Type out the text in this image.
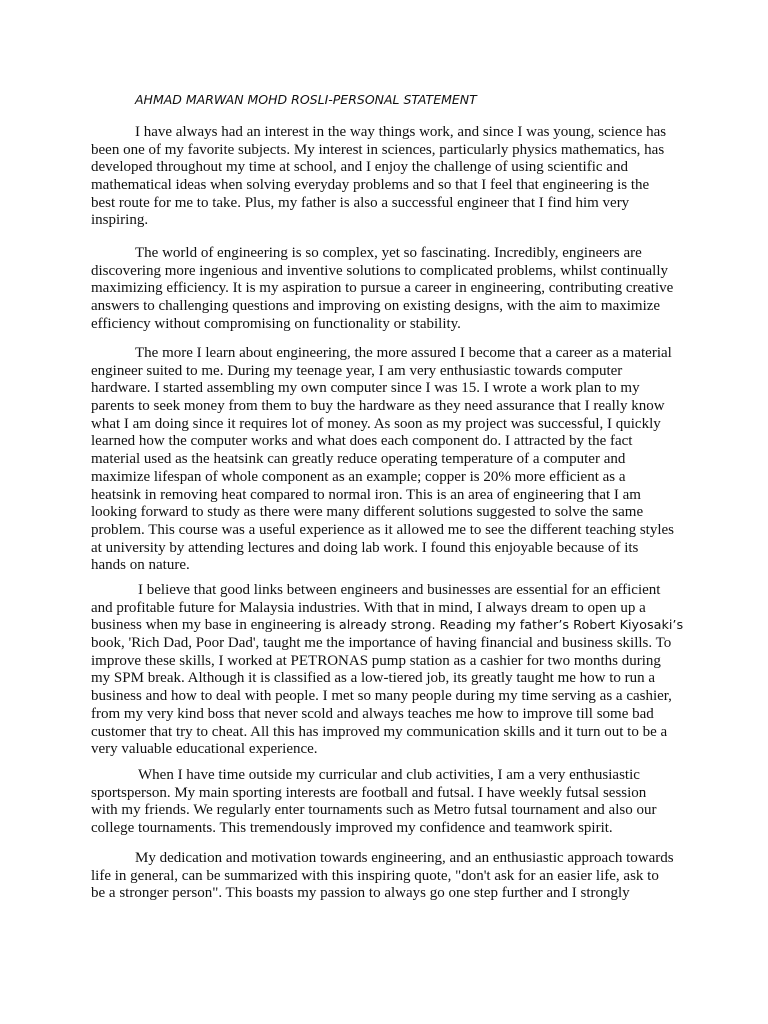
AHMAD MARWAN MOHD ROSLI-PERSONAL STATEMENT
I have always had an interest in the way things work, and since I was young, science has
been one of my favorite subjects. My interest in sciences, particularly physics mathematics, has
developed throughout my time at school, and I enjoy the challenge of using scientific and
mathematical ideas when solving everyday problems and so that I feel that engineering is the
best route for me to take. Plus, my father is also a successful engineer that I find him very
inspiring.
The world of engineering is so complex, yet so fascinating. Incredibly, engineers are
discovering more ingenious and inventive solutions to complicated problems, whilst continually
maximizing efficiency. It is my aspiration to pursue a career in engineering, contributing creative
answers to challenging questions and improving on existing designs, with the aim to maximize
efficiency without compromising on functionality or stability.
The more I learn about engineering, the more assured I become that a career as a material
engineer suited to me. During my teenage year, I am very enthusiastic towards computer
hardware. I started assembling my own computer since I was 15. I wrote a work plan to my
parents to seek money from them to buy the hardware as they need assurance that I really know
what I am doing since it requires lot of money. As soon as my project was successful, I quickly
learned how the computer works and what does each component do. I attracted by the fact
material used as the heatsink can greatly reduce operating temperature of a computer and
maximize lifespan of whole component as an example; copper is 20% more efficient as a
heatsink in removing heat compared to normal iron. This is an area of engineering that I am
looking forward to study as there were many different solutions suggested to solve the same
problem. This course was a useful experience as it allowed me to see the different teaching styles
at university by attending lectures and doing lab work. I found this enjoyable because of its
hands on nature.
I believe that good links between engineers and businesses are essential for an efficient
and profitable future for Malaysia industries. With that in mind, I always dream to open up a
business when my base in engineering is already strong. Reading my father’s Robert Kiyosaki’s
book, 'Rich Dad, Poor Dad', taught me the importance of having financial and business skills. To
improve these skills, I worked at PETRONAS pump station as a cashier for two months during
my SPM break. Although it is classified as a low-tiered job, its greatly taught me how to run a
business and how to deal with people. I met so many people during my time serving as a cashier,
from my very kind boss that never scold and always teaches me how to improve till some bad
customer that try to cheat. All this has improved my communication skills and it turn out to be a
very valuable educational experience.
When I have time outside my curricular and club activities, I am a very enthusiastic
sportsperson. My main sporting interests are football and futsal. I have weekly futsal session
with my friends. We regularly enter tournaments such as Metro futsal tournament and also our
college tournaments. This tremendously improved my confidence and teamwork spirit.
My dedication and motivation towards engineering, and an enthusiastic approach towards
life in general, can be summarized with this inspiring quote, "don't ask for an easier life, ask to
be a stronger person". This boasts my passion to always go one step further and I strongly
